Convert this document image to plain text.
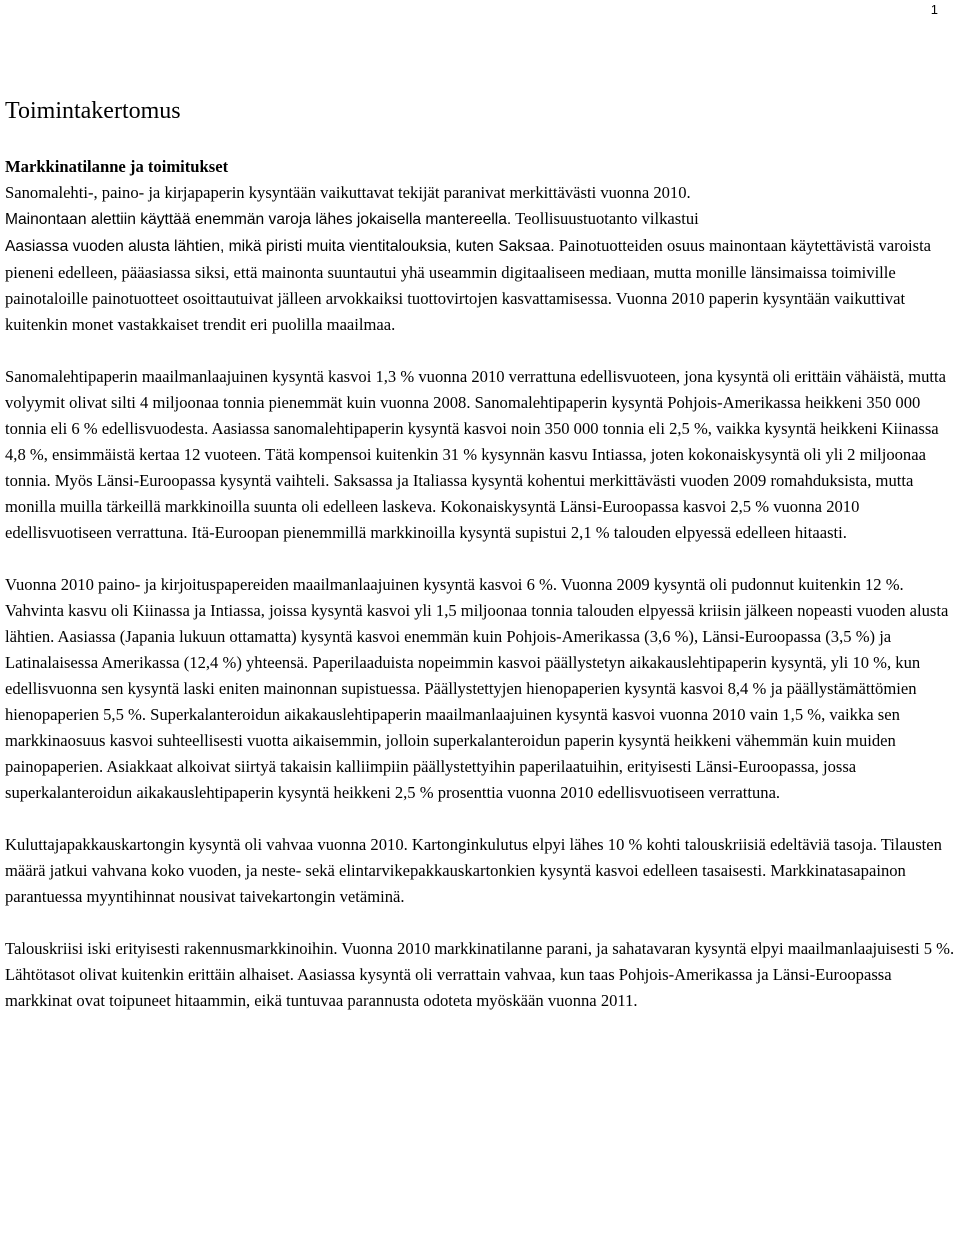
1
Toimintakertomus
Markkinatilanne ja toimitukset

Sanomalehti-, paino- ja kirjapaperin kysyntään vaikuttavat tekijät paranivat merkittävästi vuonna 2010.
Mainontaan alettiin käyttää enemmän varoja lähes jokaisella mantereella. Teollisuustuotanto vilkastui
Aasiassa vuoden alusta lähtien, mikä piristi muita vientitalouksia, kuten Saksaa. Painotuotteiden osuus mainontaan käytettävistä varoista pieneni edelleen, pääasiassa siksi, että mainonta suuntautui yhä useammin digitaaliseen mediaan, mutta monille länsimaissa toimiville painotaloille painotuotteet osoittautuivat jälleen arvokkaiksi tuottovirtojen kasvattamisessa. Vuonna 2010 paperin kysyntään vaikuttivat kuitenkin monet vastakkaiset trendit eri puolilla maailmaa.

Sanomalehtipaperin maailmanlaajuinen kysyntä kasvoi 1,3 % vuonna 2010 verrattuna edellisvuoteen, jona kysyntä oli erittäin vähäistä, mutta volyymit olivat silti 4 miljoonaa tonnia pienemmät kuin vuonna 2008. Sanomalehtipaperin kysyntä Pohjois-Amerikassa heikkeni 350 000 tonnia eli 6 % edellisvuodesta. Aasiassa sanomalehtipaperin kysyntä kasvoi noin 350 000 tonnia eli 2,5 %, vaikka kysyntä heikkeni Kiinassa 4,8 %, ensimmäistä kertaa 12 vuoteen. Tätä kompensoi kuitenkin 31 % kysynnän kasvu Intiassa, joten kokonaiskysyntä oli yli 2 miljoonaa tonnia. Myös Länsi-Euroopassa kysyntä vaihteli. Saksassa ja Italiassa kysyntä kohentui merkittävästi vuoden 2009 romahduksista, mutta monilla muilla tärkeillä markkinoilla suunta oli edelleen laskeva. Kokonaiskysyntä Länsi-Euroopassa kasvoi 2,5 % vuonna 2010 edellisvuotiseen verrattuna. Itä-Euroopan pienemmillä markkinoilla kysyntä supistui 2,1 % talouden elpyessä edelleen hitaasti.

Vuonna 2010 paino- ja kirjoituspapereiden maailmanlaajuinen kysyntä kasvoi 6 %. Vuonna 2009 kysyntä oli pudonnut kuitenkin 12 %. Vahvinta kasvu oli Kiinassa ja Intiassa, joissa kysyntä kasvoi yli 1,5 miljoonaa tonnia talouden elpyessä kriisin jälkeen nopeasti vuoden alusta lähtien. Aasiassa (Japania lukuun ottamatta) kysyntä kasvoi enemmän kuin Pohjois-Amerikassa (3,6 %), Länsi-Euroopassa (3,5 %) ja Latinalaisessa Amerikassa (12,4 %) yhteensä. Paperilaaduista nopeimmin kasvoi päällystetyn aikakauslehtipaperin kysyntä, yli 10 %, kun edellisvuonna sen kysyntä laski eniten mainonnan supistuessa. Päällystettyjen hienopaperien kysyntä kasvoi 8,4 % ja päällystämättömien hienopaperien 5,5 %. Superkalanteroidun aikakauslehtipaperin maailmanlaajuinen kysyntä kasvoi vuonna 2010 vain 1,5 %, vaikka sen markkinaosuus kasvoi suhteellisesti vuotta aikaisemmin, jolloin superkalanteroidun paperin kysyntä heikkeni vähemmän kuin muiden painopaperien. Asiakkaat alkoivat siirtyä takaisin kalliimpiin päällystettyihin paperilaatuihin, erityisesti Länsi-Euroopassa, jossa superkalanteroidun aikakauslehtipaperin kysyntä heikkeni 2,5 % prosenttia vuonna 2010 edellisvuotiseen verrattuna.

Kuluttajapakkauskartongin kysyntä oli vahvaa vuonna 2010. Kartonginkulutus elpyi lähes 10 % kohti talouskriisiä edeltäviä tasoja. Tilausten määrä jatkui vahvana koko vuoden, ja neste- sekä elintarvikepakkauskartonkien kysyntä kasvoi edelleen tasaisesti. Markkinatasapainon parantuessa myyntihinnat nousivat taivekartongin vetäminä.

Talouskriisi iski erityisesti rakennusmarkkinoihin. Vuonna 2010 markkinatilanne parani, ja sahatavaran kysyntä elpyi maailmanlaajuisesti 5 %. Lähtötasot olivat kuitenkin erittäin alhaiset. Aasiassa kysyntä oli verrattain vahvaa, kun taas Pohjois-Amerikassa ja Länsi-Euroopassa markkinat ovat toipuneet hitaammin, eikä tuntuvaa parannusta odoteta myöskään vuonna 2011.
